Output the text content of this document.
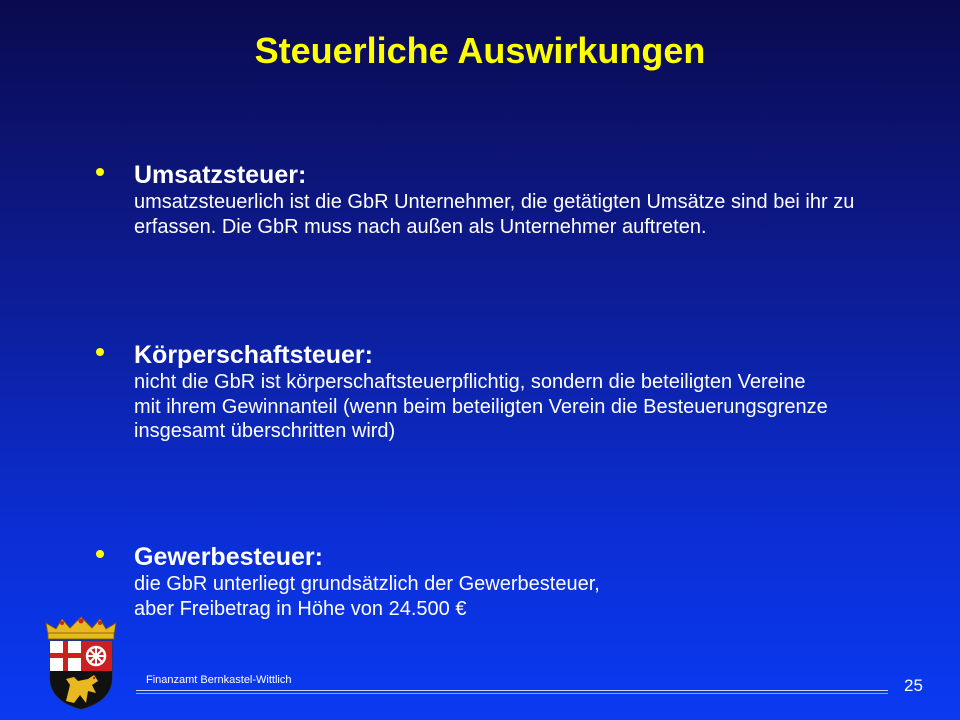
Steuerliche Auswirkungen
Umsatzsteuer:
umsatzsteuerlich ist die GbR Unternehmer, die getätigten Umsätze sind bei ihr zu erfassen. Die GbR muss nach außen als Unternehmer auftreten.
Körperschaftsteuer:
nicht die GbR ist körperschaftsteuerpflichtig, sondern die beteiligten Vereine mit ihrem Gewinnanteil (wenn beim beteiligten Verein die Besteuerungsgrenze insgesamt überschritten wird)
Gewerbesteuer:
die GbR unterliegt grundsätzlich der Gewerbesteuer,
aber Freibetrag in Höhe von 24.500 €
Finanzamt Bernkastel-Wittlich	25
